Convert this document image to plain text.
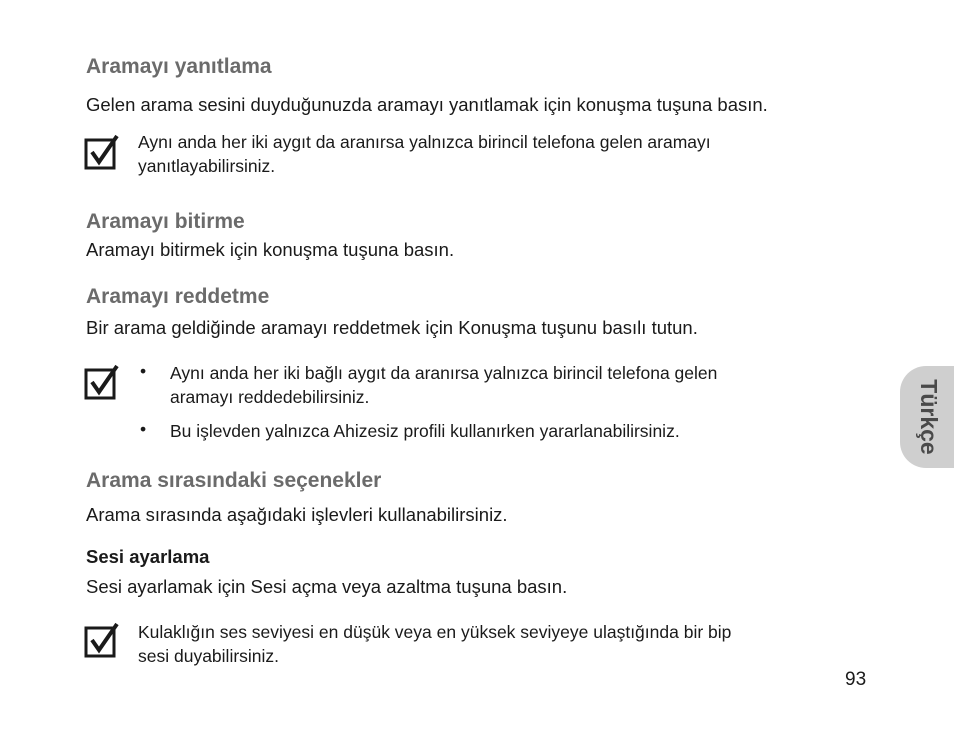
Aramayı yanıtlama
Gelen arama sesini duyduğunuzda aramayı yanıtlamak için konuşma tuşuna basın.
Aynı anda her iki aygıt da aranırsa yalnızca birincil telefona gelen aramayı
yanıtlayabilirsiniz.
Aramayı bitirme
Aramayı bitirmek için konuşma tuşuna basın.
Aramayı reddetme
Bir arama geldiğinde aramayı reddetmek için Konuşma tuşunu basılı tutun.
• Aynı anda her iki bağlı aygıt da aranırsa yalnızca birincil telefona gelen
aramayı reddedebilirsiniz.
• Bu işlevden yalnızca Ahizesiz profili kullanırken yararlanabilirsiniz.
Arama sırasındaki seçenekler
Arama sırasında aşağıdaki işlevleri kullanabilirsiniz.
Sesi ayarlama
Sesi ayarlamak için Sesi açma veya azaltma tuşuna basın.
Kulaklığın ses seviyesi en düşük veya en yüksek seviyeye ulaştığında bir bip
sesi duyabilirsiniz.
Türkçe
93
